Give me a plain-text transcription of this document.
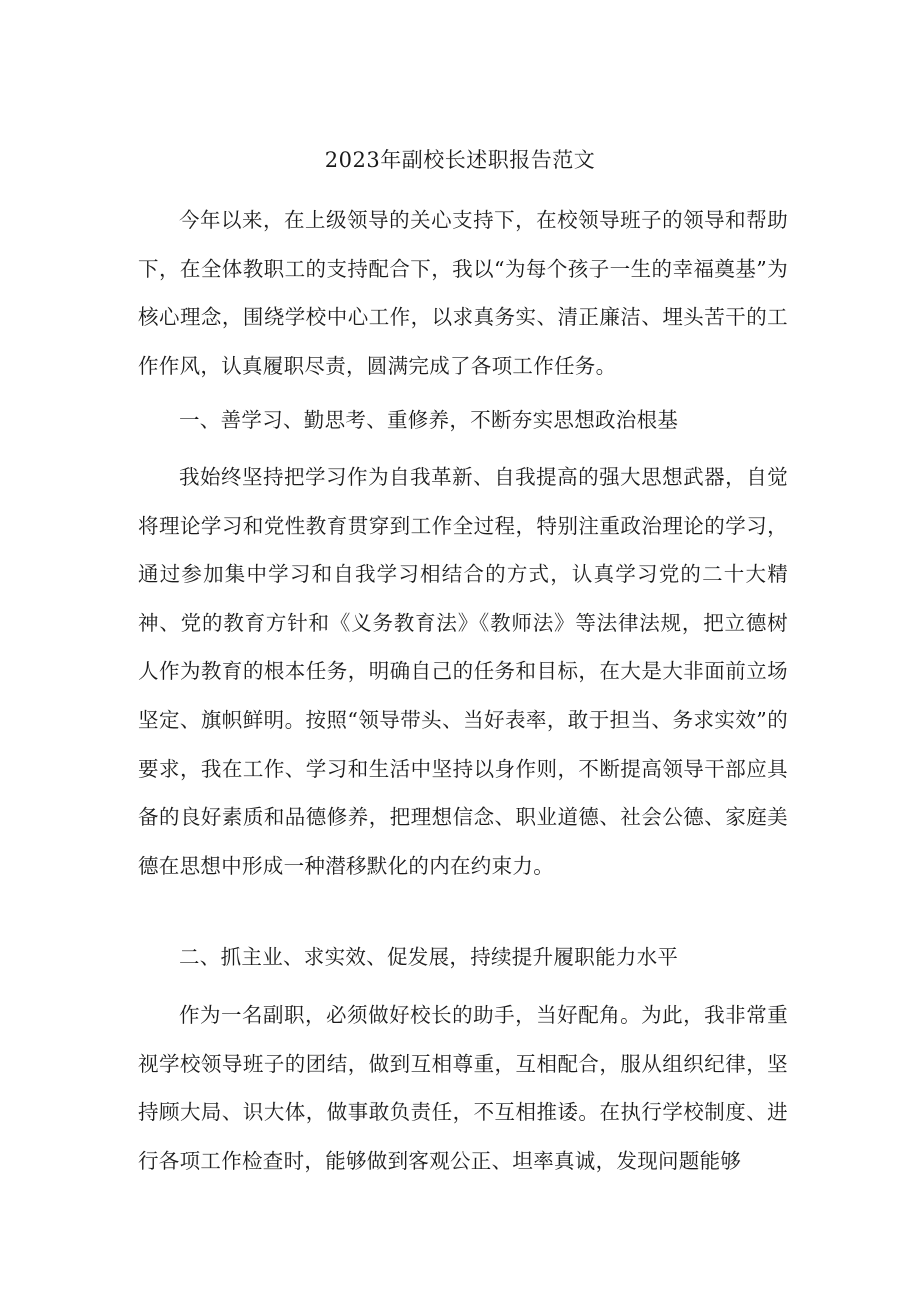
2023年副校长述职报告范文

今年以来，在上级领导的关心支持下，在校领导班子的领导和帮助下，在全体教职工的支持配合下，我以“为每个孩子一生的幸福奠基”为核心理念，围绕学校中心工作，以求真务实、清正廉洁、埋头苦干的工作作风，认真履职尽责，圆满完成了各项工作任务。

一、善学习、勤思考、重修养，不断夯实思想政治根基

我始终坚持把学习作为自我革新、自我提高的强大思想武器，自觉将理论学习和党性教育贯穿到工作全过程，特别注重政治理论的学习，通过参加集中学习和自我学习相结合的方式，认真学习党的二十大精神、党的教育方针和《义务教育法》《教师法》等法律法规，把立德树人作为教育的根本任务，明确自己的任务和目标，在大是大非面前立场坚定、旗帜鲜明。按照“领导带头、当好表率，敢于担当、务求实效”的要求，我在工作、学习和生活中坚持以身作则，不断提高领导干部应具备的良好素质和品德修养，把理想信念、职业道德、社会公德、家庭美德在思想中形成一种潜移默化的内在约束力。

二、抓主业、求实效、促发展，持续提升履职能力水平

作为一名副职，必须做好校长的助手，当好配角。为此，我非常重视学校领导班子的团结，做到互相尊重，互相配合，服从组织纪律，坚持顾大局、识大体，做事敢负责任，不互相推诿。在执行学校制度、进行各项工作检查时，能够做到客观公正、坦率真诚，发现问题能够
